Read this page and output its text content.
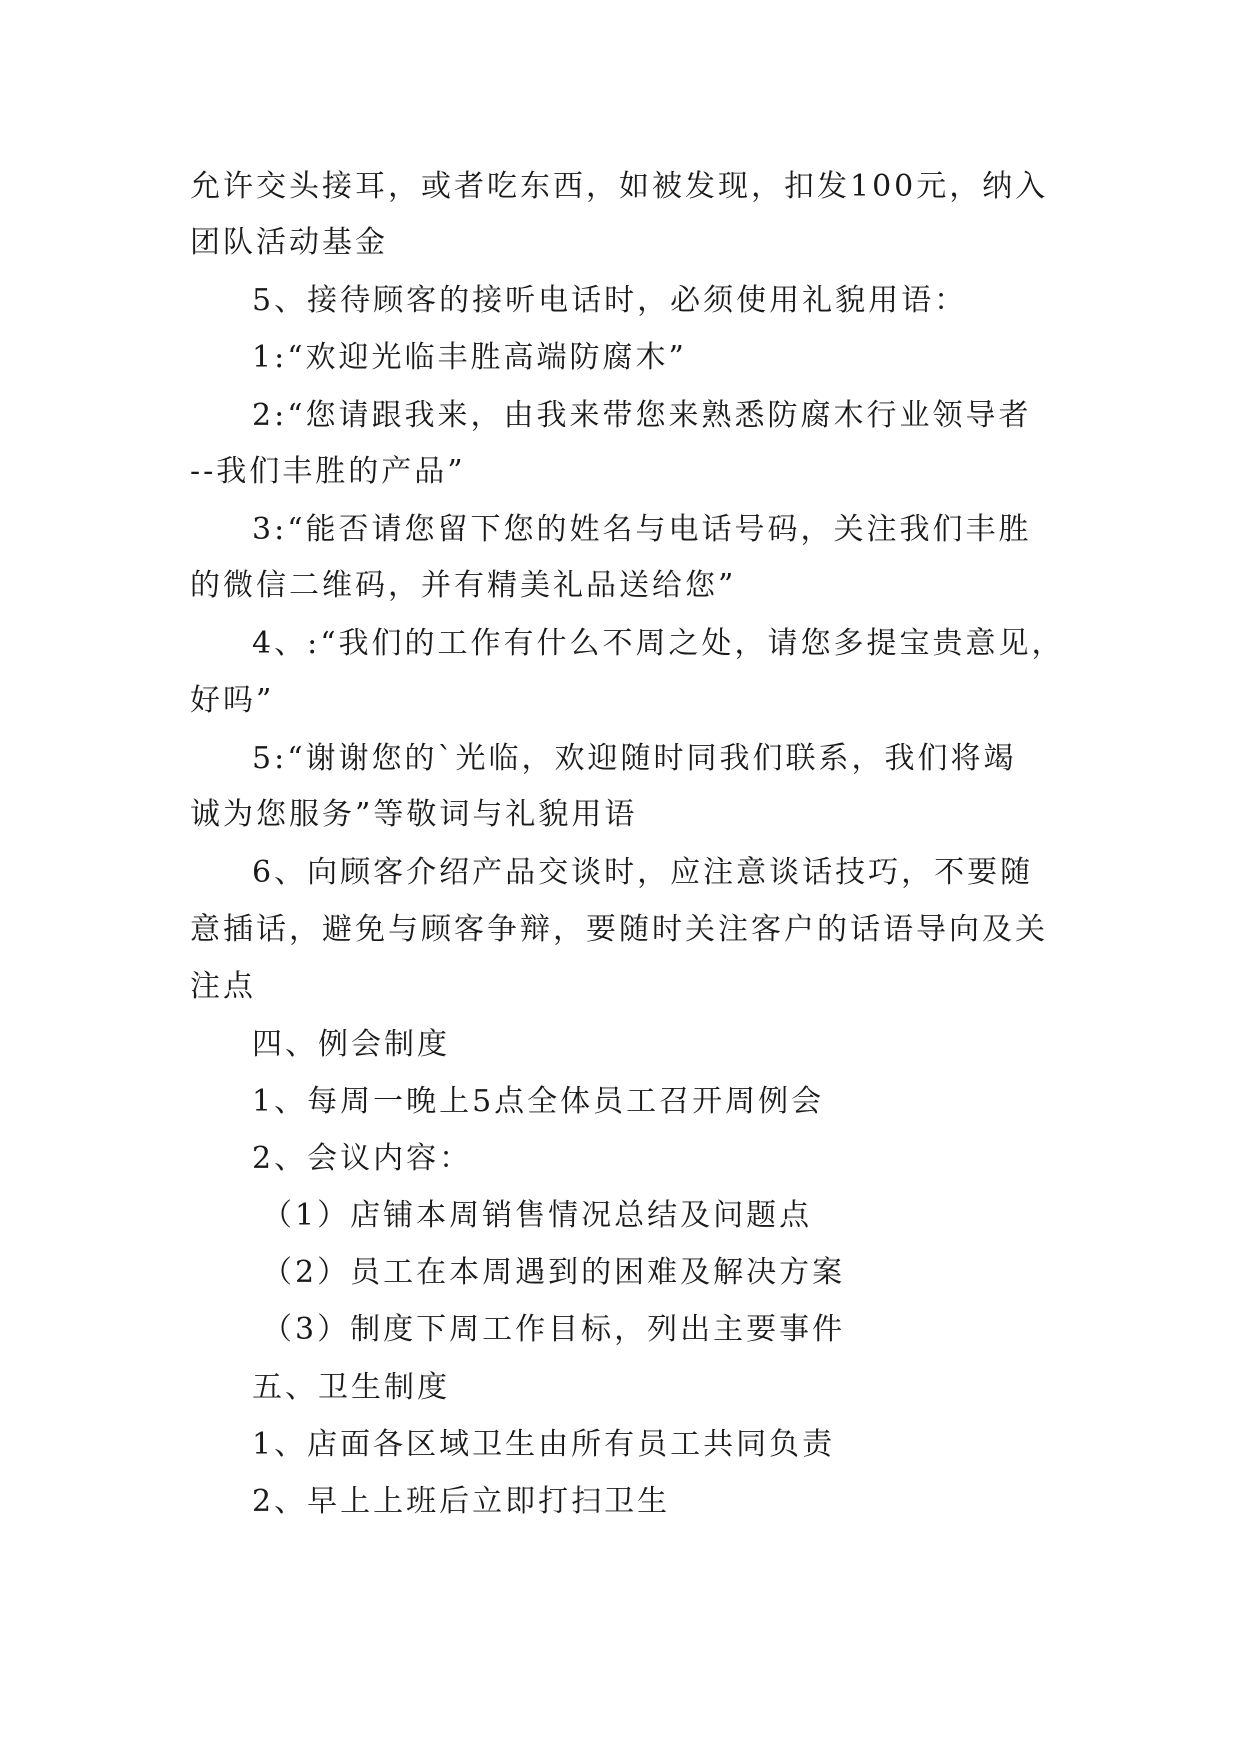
允许交头接耳，或者吃东西，如被发现，扣发100元，纳入
团队活动基金
5、接待顾客的接听电话时，必须使用礼貌用语：
1:“欢迎光临丰胜高端防腐木”
2:“您请跟我来，由我来带您来熟悉防腐木行业领导者
--我们丰胜的产品”
3:“能否请您留下您的姓名与电话号码，关注我们丰胜
的微信二维码，并有精美礼品送给您”
4、:“我们的工作有什么不周之处，请您多提宝贵意见，
好吗”
5:“谢谢您的`光临，欢迎随时同我们联系，我们将竭
诚为您服务”等敬词与礼貌用语
6、向顾客介绍产品交谈时，应注意谈话技巧，不要随
意插话，避免与顾客争辩，要随时关注客户的话语导向及关
注点
四、例会制度
1、每周一晚上5点全体员工召开周例会
2、会议内容：
（1）店铺本周销售情况总结及问题点
（2）员工在本周遇到的困难及解决方案
（3）制度下周工作目标，列出主要事件
五、卫生制度
1、店面各区域卫生由所有员工共同负责
2、早上上班后立即打扫卫生
